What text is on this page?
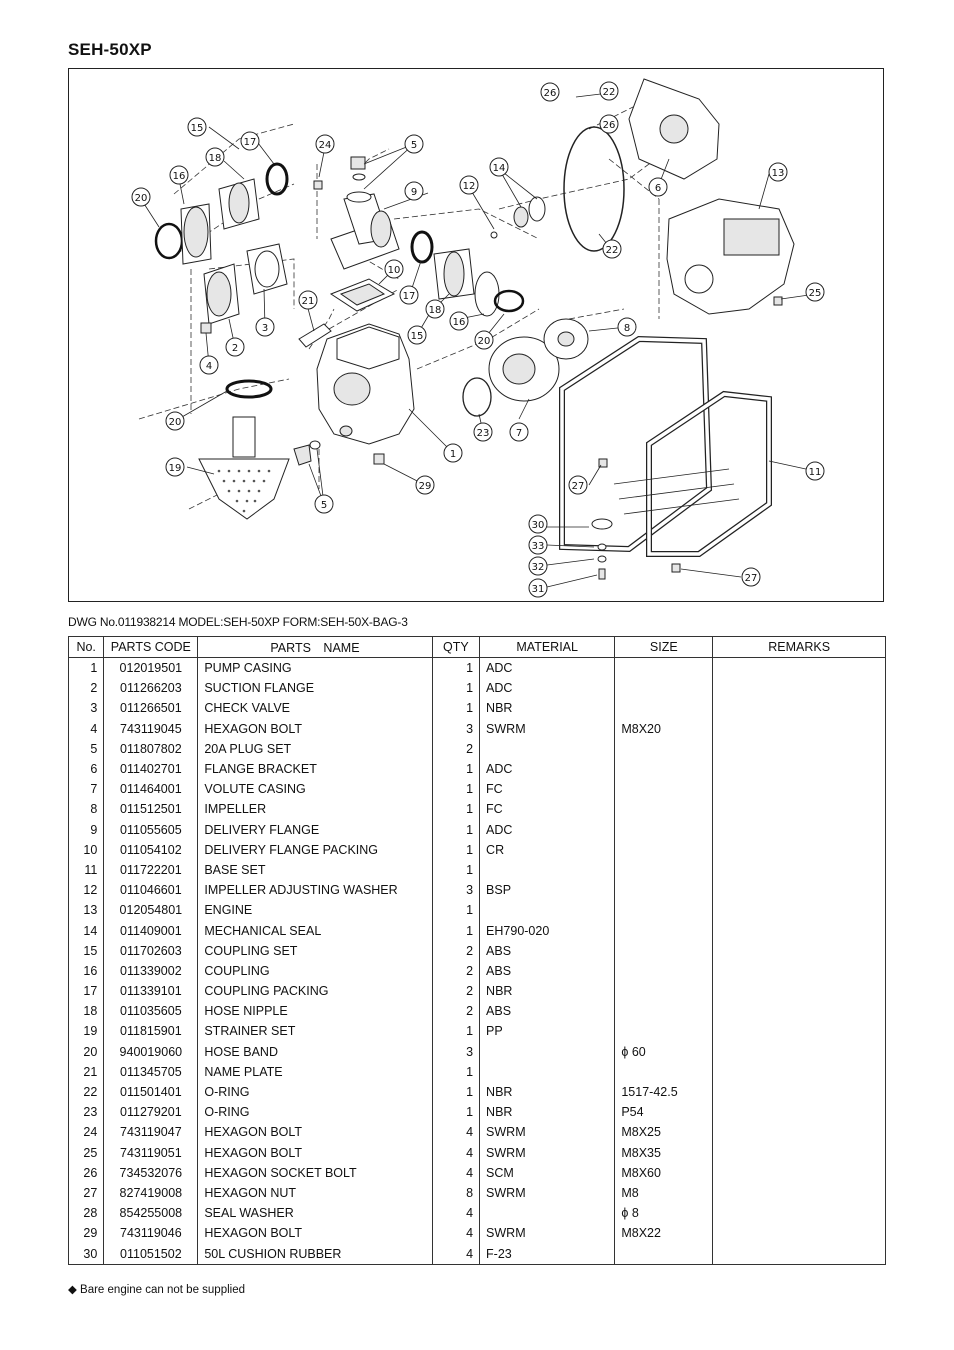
SEH-50XP
1
2
3
4
5
5
6
7
8
9
10
11
12
13
14
15
15
16
16
17
17
18
18
19
20
20
20
21
22
22
23
24
25
26
26
27
27
29
30
31
32
33
DWG No.011938214 MODEL:SEH-50XP FORM:SEH-50X-BAG-3
No.	PARTS CODE	PARTS　NAME	QTY	MATERIAL	SIZE	REMARKS
1	012019501	PUMP CASING	1	ADC		
2	011266203	SUCTION FLANGE	1	ADC		
3	011266501	CHECK VALVE	1	NBR		
4	743119045	HEXAGON BOLT	3	SWRM	M8X20	
5	011807802	20A PLUG SET	2			
6	011402701	FLANGE BRACKET	1	ADC		
7	011464001	VOLUTE CASING	1	FC		
8	011512501	IMPELLER	1	FC		
9	011055605	DELIVERY FLANGE	1	ADC		
10	011054102	DELIVERY FLANGE PACKING	1	CR		
11	011722201	BASE SET	1			
12	011046601	IMPELLER ADJUSTING WASHER	3	BSP		
13	012054801	ENGINE	1			
14	011409001	MECHANICAL SEAL	1	EH790-020		
15	011702603	COUPLING SET	2	ABS		
16	011339002	COUPLING	2	ABS		
17	011339101	COUPLING PACKING	2	NBR		
18	011035605	HOSE NIPPLE	2	ABS		
19	011815901	STRAINER SET	1	PP		
20	940019060	HOSE BAND	3		ϕ 60	
21	011345705	NAME PLATE	1			
22	011501401	O-RING	1	NBR	1517-42.5	
23	011279201	O-RING	1	NBR	P54	
24	743119047	HEXAGON BOLT	4	SWRM	M8X25	
25	743119051	HEXAGON BOLT	4	SWRM	M8X35	
26	734532076	HEXAGON SOCKET BOLT	4	SCM	M8X60	
27	827419008	HEXAGON NUT	8	SWRM	M8	
28	854255008	SEAL WASHER	4		ϕ 8	
29	743119046	HEXAGON BOLT	4	SWRM	M8X22	
30	011051502	50L CUSHION RUBBER	4	F-23		
◆ Bare engine can not be supplied
